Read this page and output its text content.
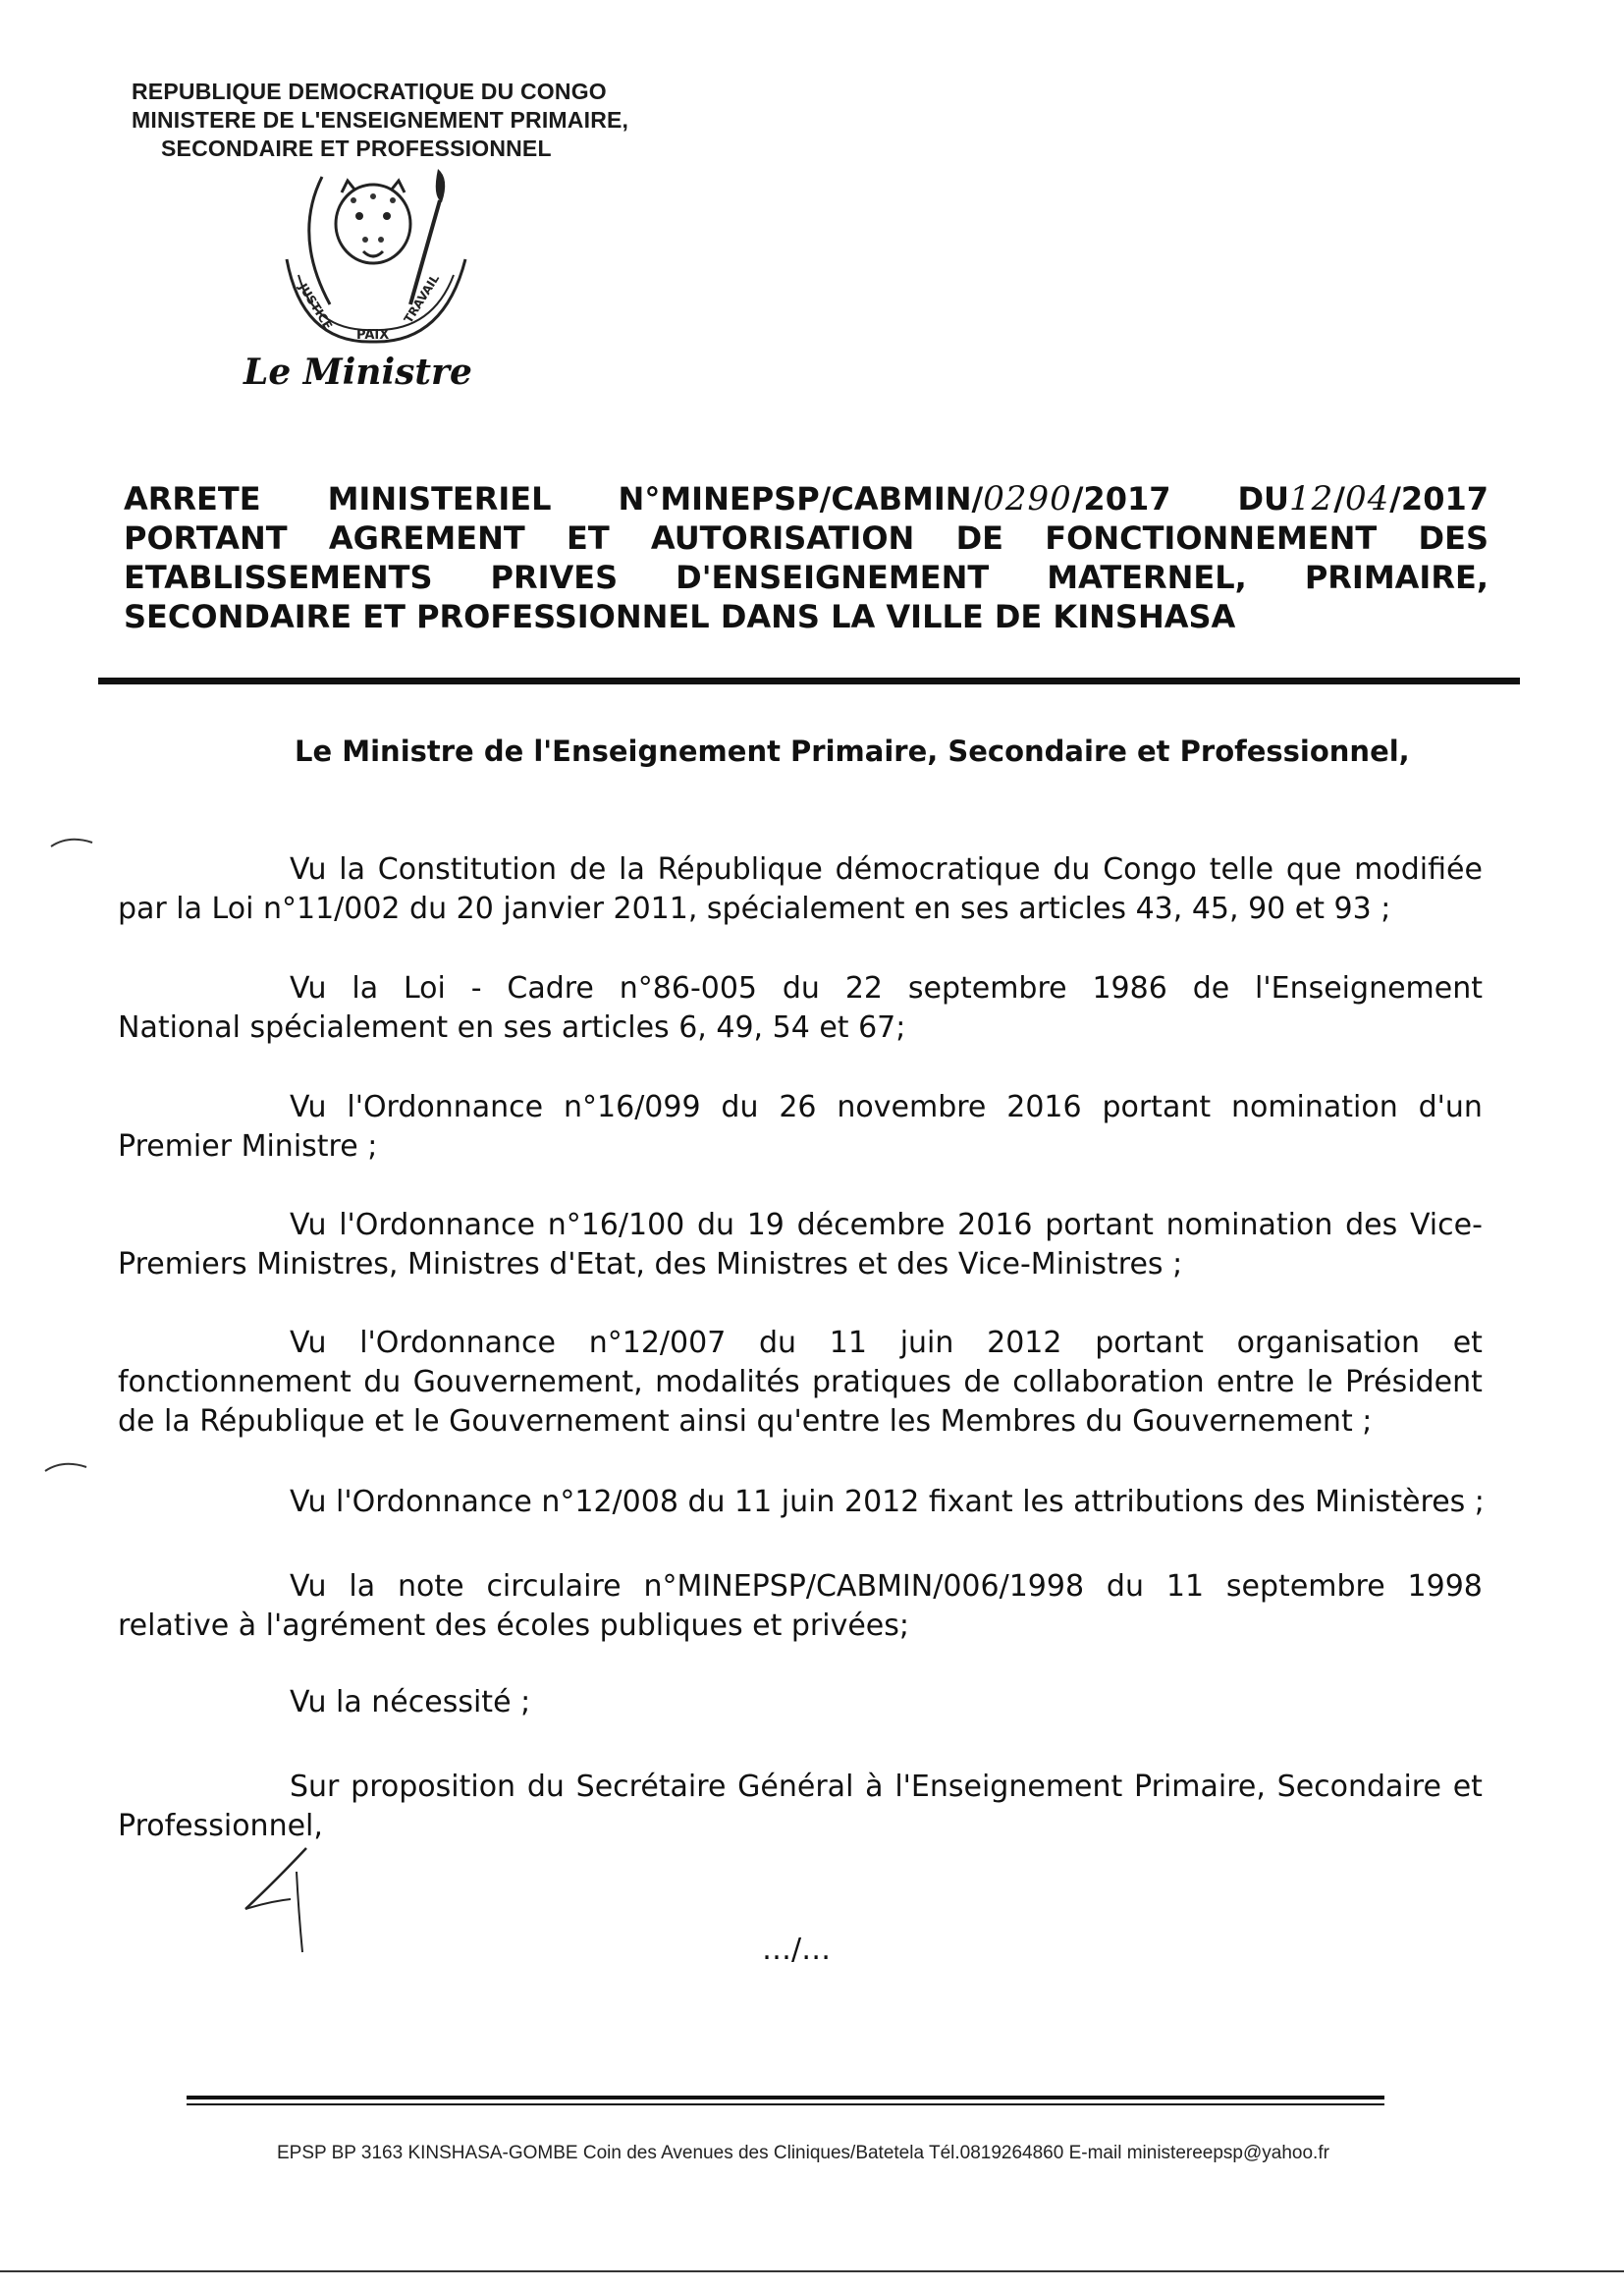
REPUBLIQUE DEMOCRATIQUE DU CONGO
MINISTERE DE L'ENSEIGNEMENT PRIMAIRE,
SECONDAIRE ET PROFESSIONNEL
JUSTICE
PAIX
TRAVAIL
Le Ministre
ARRETE MINISTERIEL N°MINEPSP/CABMIN/0290/2017 DU12/04/2017
PORTANT AGREMENT ET AUTORISATION DE FONCTIONNEMENT DES
ETABLISSEMENTS PRIVES D'ENSEIGNEMENT MATERNEL, PRIMAIRE,
SECONDAIRE ET PROFESSIONNEL DANS LA VILLE DE KINSHASA
Le Ministre de l'Enseignement Primaire, Secondaire et Professionnel,
Vu la Constitution de la République démocratique du Congo telle que modifiée
par la Loi n°11/002 du 20 janvier 2011, spécialement en ses articles 43, 45, 90 et 93 ;
Vu la Loi - Cadre n°86-005 du 22 septembre 1986 de l'Enseignement
National spécialement en ses articles 6, 49, 54 et 67;
Vu l'Ordonnance n°16/099 du 26 novembre 2016 portant nomination d'un
Premier Ministre ;
Vu l'Ordonnance n°16/100 du 19 décembre 2016 portant nomination des Vice-
Premiers Ministres, Ministres d'Etat, des Ministres et des Vice-Ministres ;
Vu l'Ordonnance n°12/007 du 11 juin 2012 portant organisation et
fonctionnement du Gouvernement, modalités pratiques de collaboration entre le Président
de la République et le Gouvernement ainsi qu'entre les Membres du Gouvernement ;
Vu l'Ordonnance n°12/008 du 11 juin 2012 fixant les attributions des Ministères ;
Vu la note circulaire n°MINEPSP/CABMIN/006/1998 du 11 septembre 1998
relative à l'agrément des écoles publiques et privées;
Vu la nécessité ;
Sur proposition du Secrétaire Général à l'Enseignement Primaire, Secondaire et
Professionnel,
…/…
EPSP BP 3163 KINSHASA-GOMBE Coin des Avenues des Cliniques/Batetela Tél.0819264860 E-mail ministereepsp@yahoo.fr
